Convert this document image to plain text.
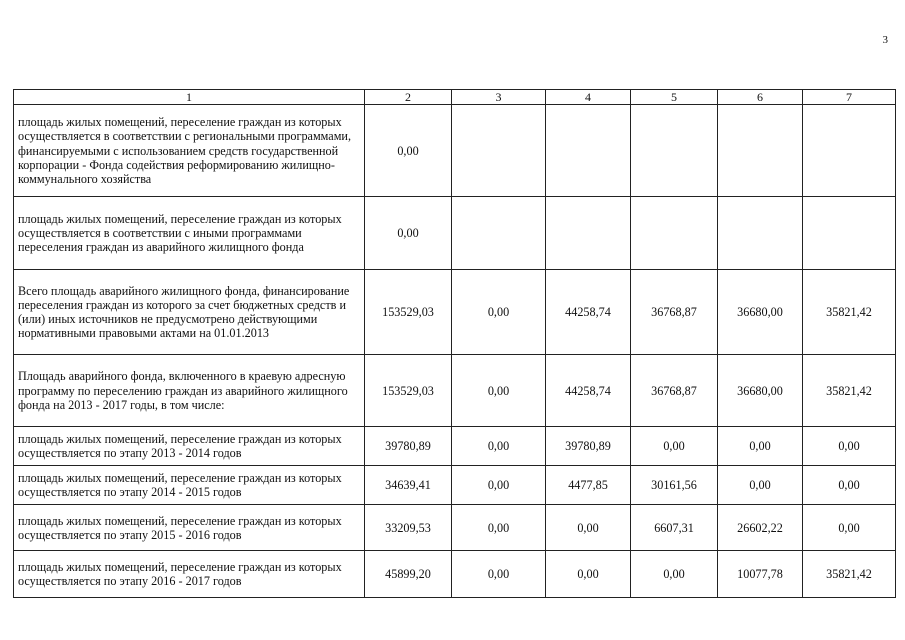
3
1	2	3	4	5	6	7
площадь жилых помещений, переселение граждан из которых осуществляется в соответствии с региональными программами, финансируемыми с использованием средств государственной корпорации - Фонда содействия реформированию жилищно-коммунального хозяйства	0,00					
площадь жилых помещений, переселение граждан из которых осуществляется в соответствии с иными программами переселения граждан из аварийного жилищного фонда	0,00					
Всего площадь аварийного жилищного фонда, финансирование переселения граждан из которого за счет бюджетных средств и (или) иных источников не предусмотрено действующими нормативными правовыми актами на 01.01.2013	153529,03	0,00	44258,74	36768,87	36680,00	35821,42
Площадь аварийного фонда, включенного в краевую адресную программу по переселению граждан из аварийного жилищного фонда на 2013 - 2017 годы, в том числе:	153529,03	0,00	44258,74	36768,87	36680,00	35821,42
площадь жилых помещений, переселение граждан из которых осуществляется по этапу 2013 - 2014 годов	39780,89	0,00	39780,89	0,00	0,00	0,00
площадь жилых помещений, переселение граждан из которых осуществляется по этапу 2014 - 2015 годов	34639,41	0,00	4477,85	30161,56	0,00	0,00
площадь жилых помещений, переселение граждан из которых осуществляется по этапу 2015 - 2016 годов	33209,53	0,00	0,00	6607,31	26602,22	0,00
площадь жилых помещений, переселение граждан из которых осуществляется по этапу 2016 - 2017 годов	45899,20	0,00	0,00	0,00	10077,78	35821,42
